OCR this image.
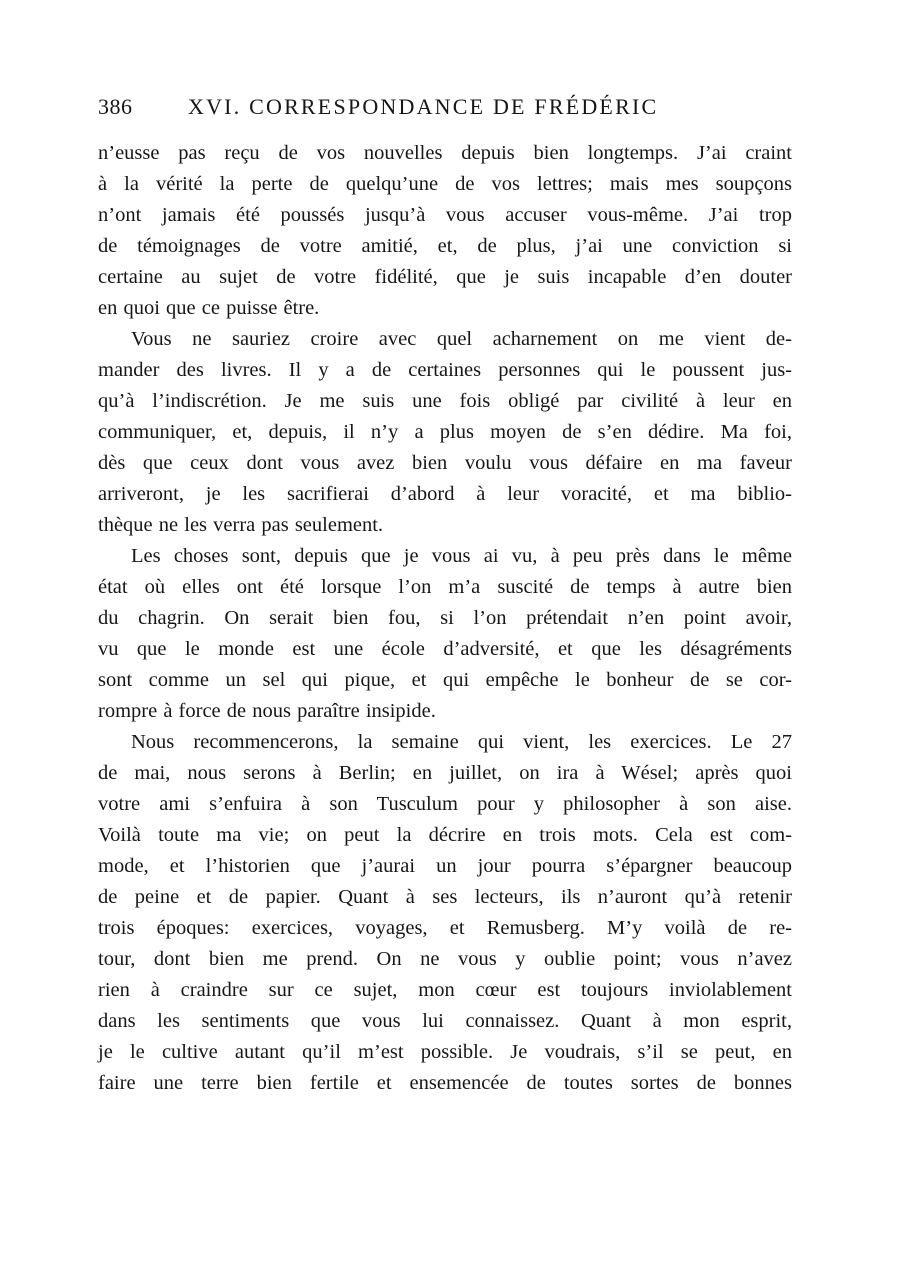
386	XVI. CORRESPONDANCE DE FRÉDÉRIC
n’eusse pas reçu de vos nouvelles depuis bien longtemps. J’ai craint
à la vérité la perte de quelqu’une de vos lettres; mais mes soupçons
n’ont jamais été poussés jusqu’à vous accuser vous-même. J’ai trop
de témoignages de votre amitié, et, de plus, j’ai une conviction si
certaine au sujet de votre fidélité, que je suis incapable d’en douter
en quoi que ce puisse être.
Vous ne sauriez croire avec quel acharnement on me vient de-
mander des livres. Il y a de certaines personnes qui le poussent jus-
qu’à l’indiscrétion. Je me suis une fois obligé par civilité à leur en
communiquer, et, depuis, il n’y a plus moyen de s’en dédire. Ma foi,
dès que ceux dont vous avez bien voulu vous défaire en ma faveur
arriveront, je les sacrifierai d’abord à leur voracité, et ma biblio-
thèque ne les verra pas seulement.
Les choses sont, depuis que je vous ai vu, à peu près dans le même
état où elles ont été lorsque l’on m’a suscité de temps à autre bien
du chagrin. On serait bien fou, si l’on prétendait n’en point avoir,
vu que le monde est une école d’adversité, et que les désagréments
sont comme un sel qui pique, et qui empêche le bonheur de se cor-
rompre à force de nous paraître insipide.
Nous recommencerons, la semaine qui vient, les exercices. Le 27
de mai, nous serons à Berlin; en juillet, on ira à Wésel; après quoi
votre ami s’enfuira à son Tusculum pour y philosopher à son aise.
Voilà toute ma vie; on peut la décrire en trois mots. Cela est com-
mode, et l’historien que j’aurai un jour pourra s’épargner beaucoup
de peine et de papier. Quant à ses lecteurs, ils n’auront qu’à retenir
trois époques: exercices, voyages, et Remusberg. M’y voilà de re-
tour, dont bien me prend. On ne vous y oublie point; vous n’avez
rien à craindre sur ce sujet, mon cœur est toujours inviolablement
dans les sentiments que vous lui connaissez. Quant à mon esprit,
je le cultive autant qu’il m’est possible. Je voudrais, s’il se peut, en
faire une terre bien fertile et ensemencée de toutes sortes de bonnes
